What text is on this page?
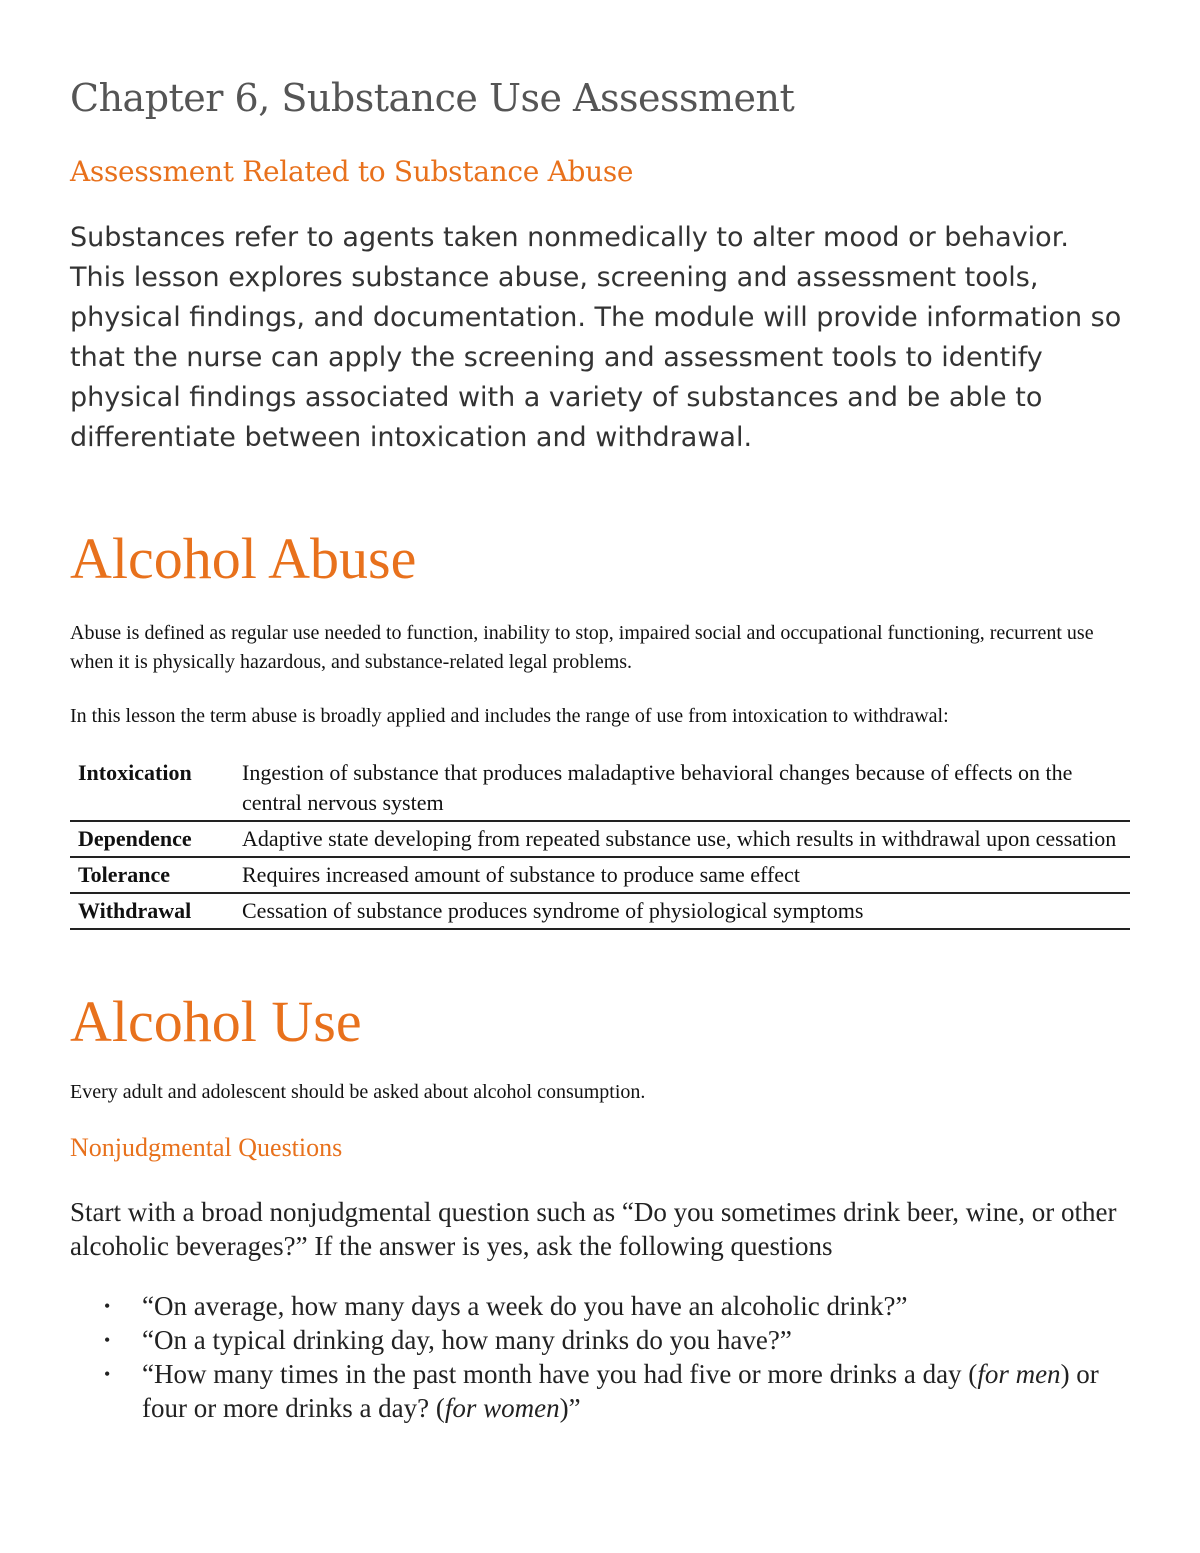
Chapter 6, Substance Use Assessment
Assessment Related to Substance Abuse

Substances refer to agents taken nonmedically to alter mood or behavior. This lesson explores substance abuse, screening and assessment tools, physical findings, and documentation. The module will provide information so that the nurse can apply the screening and assessment tools to identify physical findings associated with a variety of substances and be able to differentiate between intoxication and withdrawal.

Alcohol Abuse

Abuse is defined as regular use needed to function, inability to stop, impaired social and occupational functioning, recurrent use when it is physically hazardous, and substance-related legal problems.

In this lesson the term abuse is broadly applied and includes the range of use from intoxication to withdrawal:

Intoxication	Ingestion of substance that produces maladaptive behavioral changes because of effects on the central nervous system
Dependence	Adaptive state developing from repeated substance use, which results in withdrawal upon cessation
Tolerance	Requires increased amount of substance to produce same effect
Withdrawal	Cessation of substance produces syndrome of physiological symptoms
Alcohol Use

Every adult and adolescent should be asked about alcohol consumption.

Nonjudgmental Questions

Start with a broad nonjudgmental question such as “Do you sometimes drink beer, wine, or other alcoholic beverages?” If the answer is yes, ask the following questions

• “On average, how many days a week do you have an alcoholic drink?”
• “On a typical drinking day, how many drinks do you have?”
• “How many times in the past month have you had five or more drinks a day (for men) or four or more drinks a day? (for women)”
